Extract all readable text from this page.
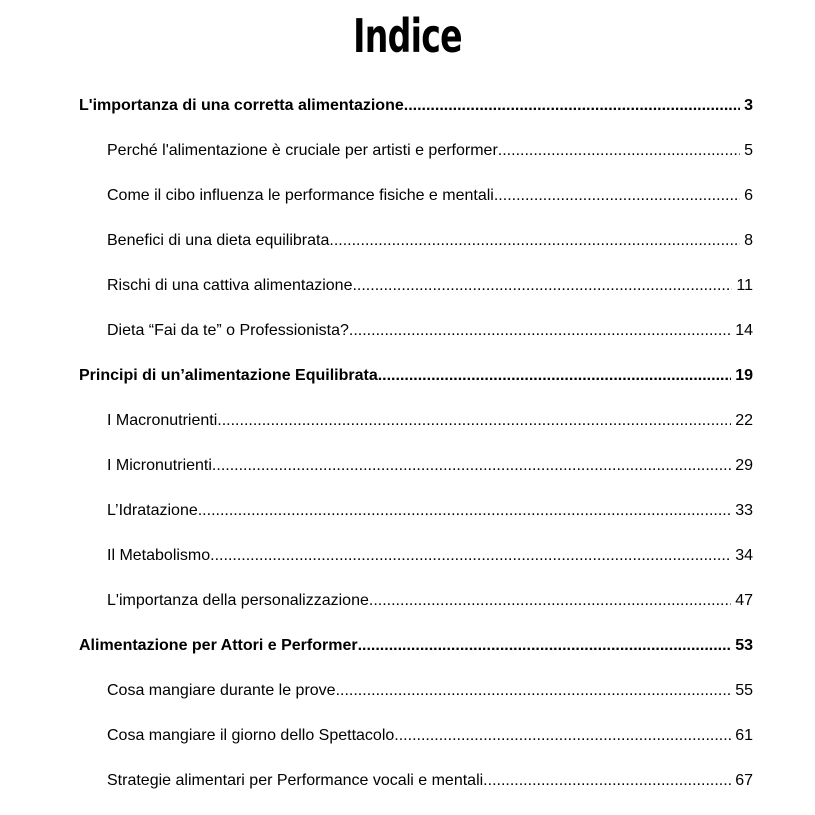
Indice
L'importanza di una corretta alimentazione .....	3
Perché l'alimentazione è cruciale per artisti e performer .....	5
Come il cibo influenza le performance fisiche e mentali .....	6
Benefici di una dieta equilibrata .....	8
Rischi di una cattiva alimentazione .....	11
Dieta “Fai da te” o Professionista? .....	14
Principi di un’alimentazione Equilibrata .....	19
I Macronutrienti .....	22
I Micronutrienti .....	29
L’Idratazione .....	33
Il Metabolismo .....	34
L'importanza della personalizzazione .....	47
Alimentazione per Attori e Performer .....	53
Cosa mangiare durante le prove .....	55
Cosa mangiare il giorno dello Spettacolo .....	61
Strategie alimentari per Performance vocali e mentali .....	67
